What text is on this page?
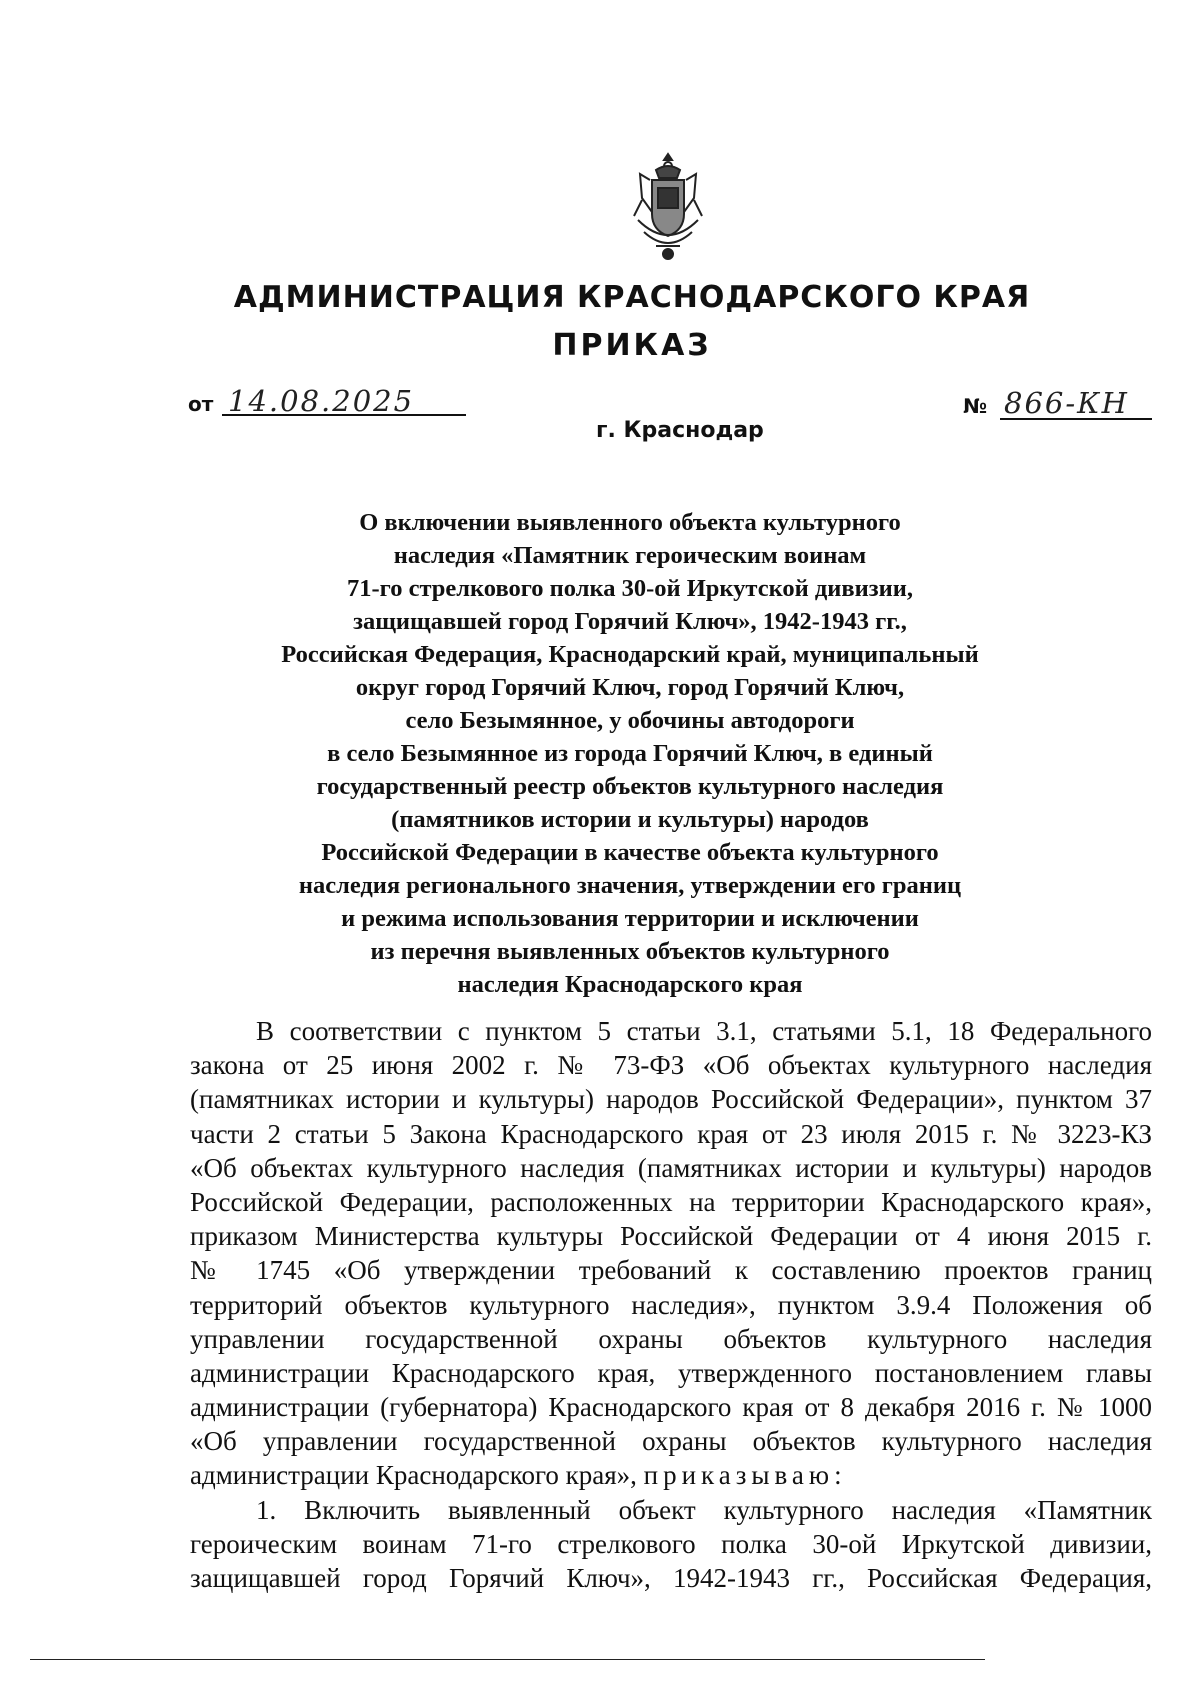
АДМИНИСТРАЦИЯ КРАСНОДАРСКОГО КРАЯ
ПРИКАЗ
от 14.08.2025	№ 866-КН
г. Краснодар
О включении выявленного объекта культурного
наследия «Памятник героическим воинам
71-го стрелкового полка 30-ой Иркутской дивизии,
защищавшей город Горячий Ключ», 1942-1943 гг.,
Российская Федерация, Краснодарский край, муниципальный
округ город Горячий Ключ, город Горячий Ключ,
село Безымянное, у обочины автодороги
в село Безымянное из города Горячий Ключ, в единый
государственный реестр объектов культурного наследия
(памятников истории и культуры) народов
Российской Федерации в качестве объекта культурного
наследия регионального значения, утверждении его границ
и режима использования территории и исключении
из перечня выявленных объектов культурного
наследия Краснодарского края
В соответствии с пунктом 5 статьи 3.1, статьями 5.1, 18 Федерального
закона от 25 июня 2002 г. № 73-ФЗ «Об объектах культурного наследия
(памятниках истории и культуры) народов Российской Федерации», пунктом 37
части 2 статьи 5 Закона Краснодарского края от 23 июля 2015 г. № 3223-КЗ
«Об объектах культурного наследия (памятниках истории и культуры) народов
Российской Федерации, расположенных на территории Краснодарского края»,
приказом Министерства культуры Российской Федерации от 4 июня 2015 г.
№ 1745 «Об утверждении требований к составлению проектов границ
территорий объектов культурного наследия», пунктом 3.9.4 Положения об
управлении государственной охраны объектов культурного наследия
администрации Краснодарского края, утвержденного постановлением главы
администрации (губернатора) Краснодарского края от 8 декабря 2016 г. № 1000
«Об управлении государственной охраны объектов культурного наследия
администрации Краснодарского края», приказываю:
1. Включить выявленный объект культурного наследия «Памятник
героическим воинам 71-го стрелкового полка 30-ой Иркутской дивизии,
защищавшей город Горячий Ключ», 1942-1943 гг., Российская Федерация,
